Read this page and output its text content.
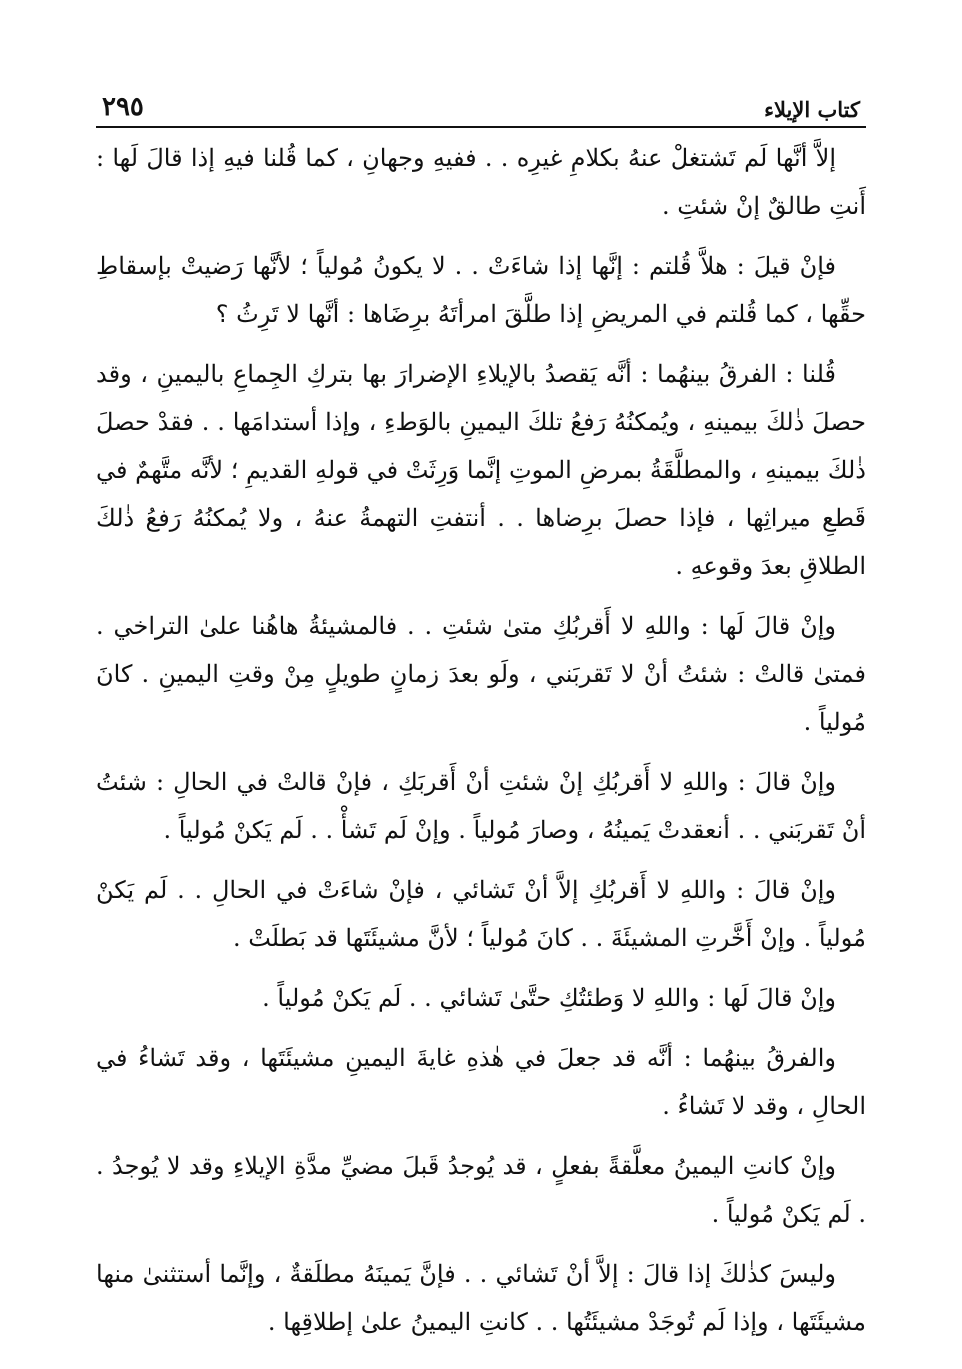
كتاب الإيلاء
٢٩٥

إلاَّ أنَّها لَم تَشتغلْ عنهُ بكلامِ غيرِه . . ففيهِ وجهانِ ، كما قُلنا فيهِ إذا قالَ لَها : أَنتِ طالقٌ إنْ شئتِ .

فإنْ قيلَ : هلاَّ قُلتم : إنَّها إذا شاءَتْ . . لا يكونُ مُولياً ؛ لأنَّها رَضيتْ بإسقاطِ حقِّها ، كما قُلتم في المريضِ إذا طلَّقَ امرأتَهُ برِضَاها : أنَّها لا تَرِثُ ؟

قُلنا : الفرقُ بينهُما : أنَّه يَقصدُ بالإيلاءِ الإضرارَ بها بتركِ الجِماعِ باليمينِ ، وقد حصلَ ذٰلكَ بيمينهِ ، ويُمكنُهُ رَفعُ تلكَ اليمينِ بالوَطءِ ، وإذا أستدامَها . . فقدْ حصلَ ذٰلكَ بيمينهِ ، والمطلَّقَةُ بمرضِ الموتِ إنَّما وَرِثَتْ في قولهِ القديمِ ؛ لأنَّه متَّهمٌ في قَطعِ ميراثِها ، فإذا حصلَ برِضاها . . أنتفتِ التهمةُ عنهُ ، ولا يُمكنُهُ رَفعُ ذٰلكَ الطلاقِ بعدَ وقوعهِ .

وإنْ قالَ لَها : واللهِ لا أَقربُكِ متىٰ شئتِ . . فالمشيئةُ هاهُنا علىٰ التراخي . فمتىٰ قالتْ : شئتُ أنْ لا تَقربَني ، ولَو بعدَ زمانٍ طويلٍ مِنْ وقتِ اليمينِ . كانَ مُولياً .

وإنْ قالَ : واللهِ لا أَقربُكِ إنْ شئتِ أنْ أَقربَكِ ، فإنْ قالتْ في الحالِ : شئتُ أنْ تَقربَني . . أنعقدتْ يَمينُهُ ، وصارَ مُولياً . وإنْ لَم تَشأْ . . لَم يَكنْ مُولياً .

وإنْ قالَ : واللهِ لا أَقربُكِ إلاَّ أنْ تَشائي ، فإنْ شاءَتْ في الحالِ . . لَم يَكنْ مُولياً . وإنْ أَخَّرتِ المشيئَةَ . . كانَ مُولياً ؛ لأنَّ مشيئَتَها قد بَطلَتْ .

وإنْ قالَ لَها : واللهِ لا وَطئتُكِ حتَّىٰ تَشائي . . لَم يَكنْ مُولياً .

والفرقُ بينهُما : أنَّه قد جعلَ في هٰذهِ غايةَ اليمينِ مشيئَتَها ، وقد تَشاءُ في الحالِ ، وقد لا تَشاءُ .

وإنْ كانتِ اليمينُ معلَّقةً بفعلٍ ، قد يُوجدُ قَبلَ مضيِّ مدَّةِ الإيلاءِ وقد لا يُوجدُ . . لَم يَكنْ مُولياً .

وليسَ كذٰلكَ إذا قالَ : إلاَّ أنْ تَشائي . . فإنَّ يَمينَهُ مطلَقةٌ ، وإنَّما أستثنىٰ منها مشيئَتَها ، وإذا لَم تُوجَدْ مشيئَتُها . . كانتِ اليمينُ علىٰ إطلاقِها .
